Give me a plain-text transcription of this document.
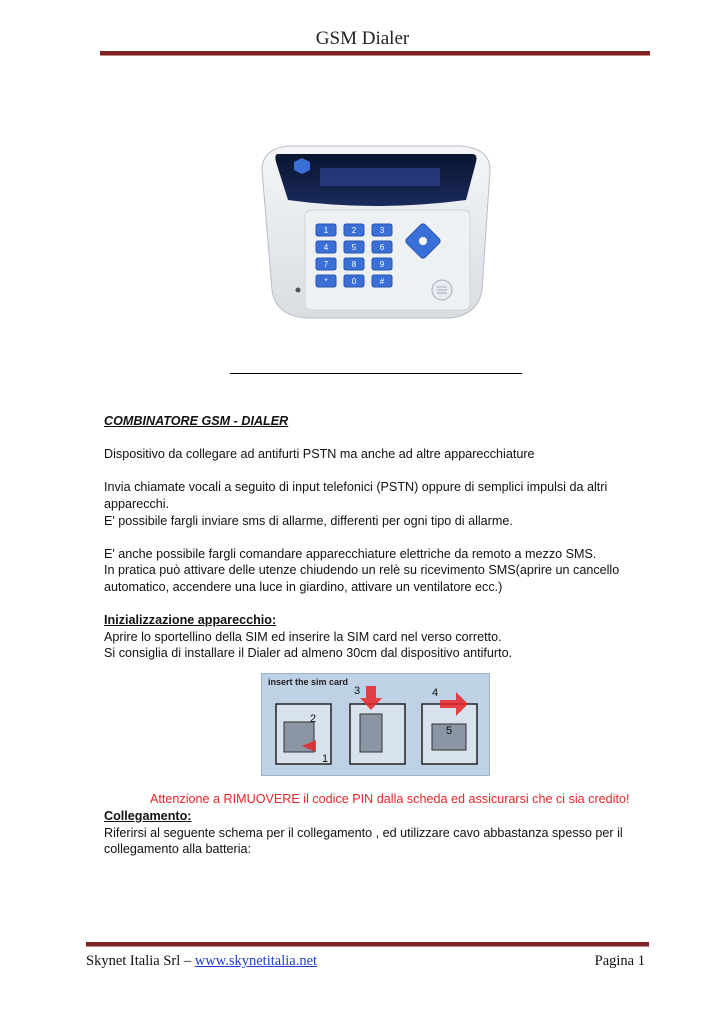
GSM Dialer
1	2	3
4	5	6
7	8	9
*	0	#

COMBINATORE GSM - DIALER

Dispositivo da collegare ad antifurti PSTN ma anche ad altre apparecchiature

Invia chiamate vocali a seguito di input telefonici (PSTN) oppure di semplici impulsi da altri

apparecchi.

E' possibile fargli inviare sms di allarme, differenti per ogni tipo di allarme.

E' anche possibile fargli comandare apparecchiature elettriche da remoto a mezzo SMS.

In pratica può attivare delle utenze chiudendo un relè su ricevimento SMS(aprire un cancello

automatico, accendere una luce in giardino, attivare un ventilatore ecc.)

Inizializzazione apparecchio:

Aprire lo sportellino della SIM ed inserire la SIM card nel verso corretto.

Si consiglia di installare il Dialer ad almeno 30cm dal dispositivo antifurto.

insert the sim card
1
2
3	4
5
Attenzione a RIMUOVERE il codice PIN dalla scheda ed assicurarsi che ci sia credito!

Collegamento:

Riferirsi al seguente schema per il collegamento , ed utilizzare cavo abbastanza spesso per il

collegamento alla batteria:

Skynet Italia Srl – www.skynetitalia.net	Pagina 1
